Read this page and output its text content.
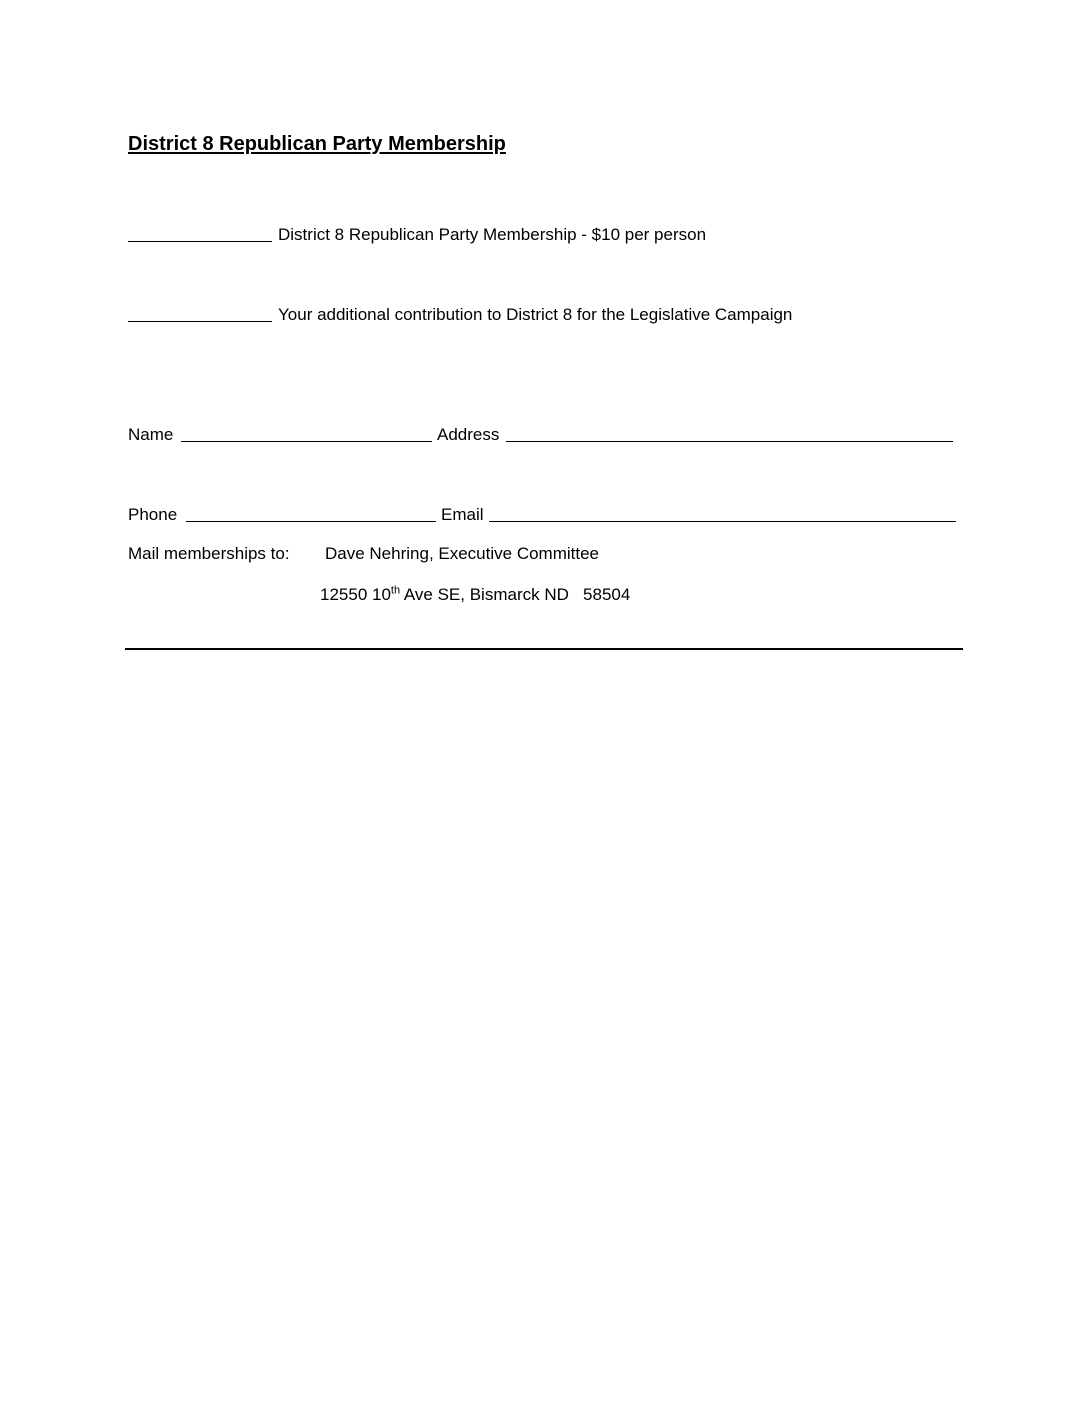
District 8 Republican Party Membership
District 8 Republican Party Membership - $10 per person
Your additional contribution to District 8 for the Legislative Campaign
Name	Address
Phone	Email
Mail memberships to: Dave Nehring, Executive Committee
12550 10th Ave SE, Bismarck ND   58504
